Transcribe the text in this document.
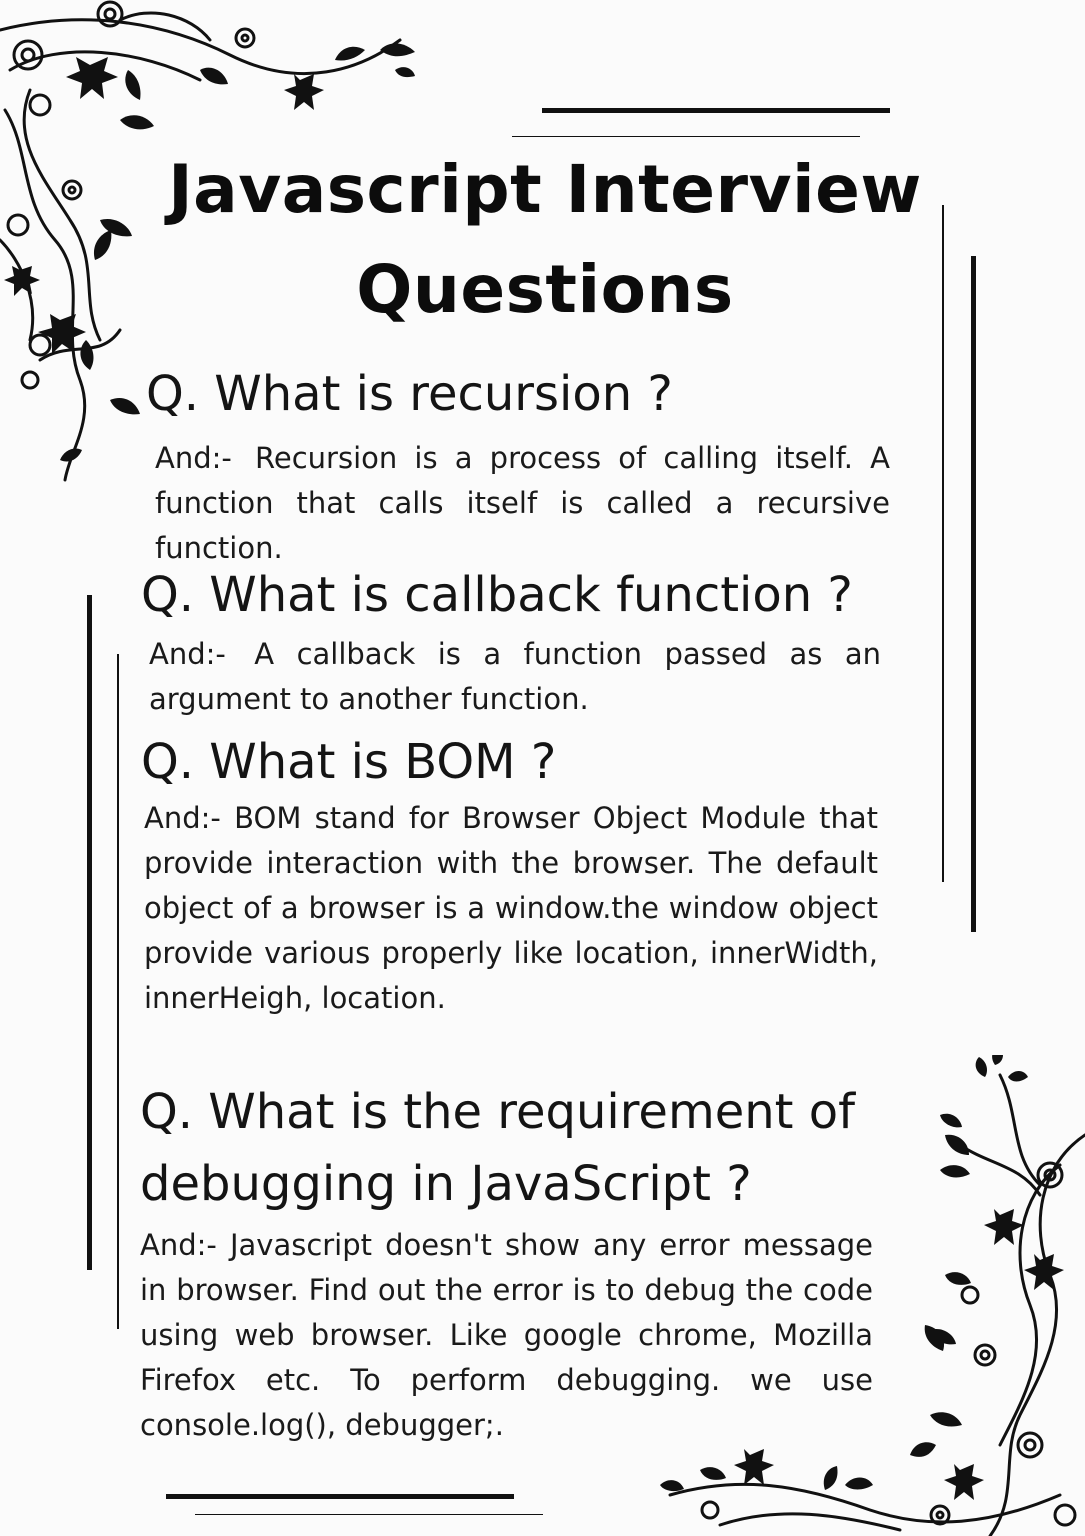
Javascript Interview
Questions
Q. What is recursion ?

And:- Recursion is a process of calling itself. A function that calls itself is called a recursive function.

Q. What is callback function ?

And:- A callback is a function passed as an argument to another function.

Q. What is BOM ?

And:- BOM stand for Browser Object Module that provide interaction with the browser. The default object of a browser is a window.the window object provide various properly like location, innerWidth, innerHeigh, location.

Q. What is the requirement of
debugging in JavaScript ?

And:- Javascript doesn't show any error message in browser. Find out the error is to debug the code using web browser. Like google chrome, Mozilla Firefox etc. To perform debugging. we use console.log(), debugger;.
